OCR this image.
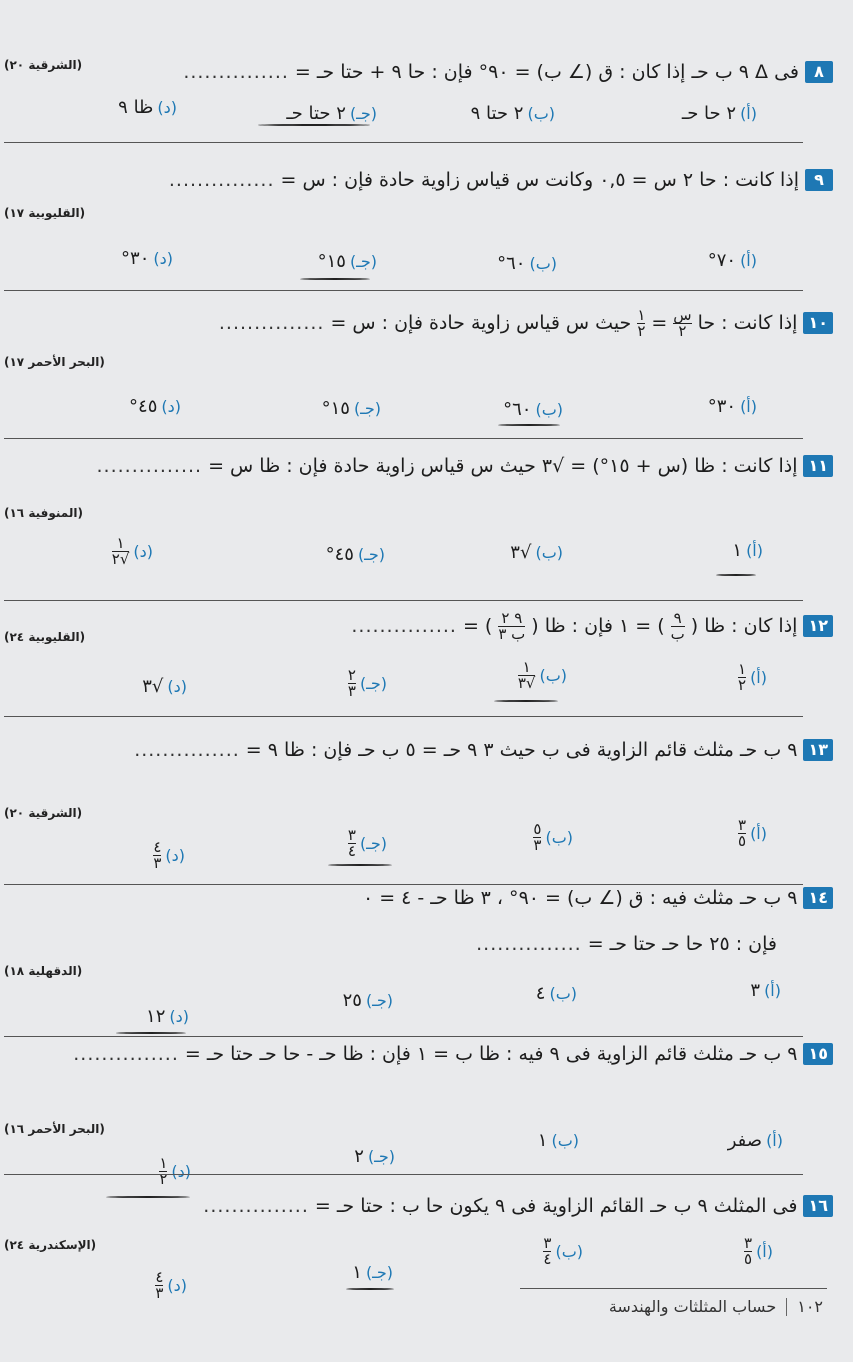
٨
فى Δ ٩ ب حـ إذا كان : ق (∠ ب) = ٩٠° فإن : حا ٩ + حتا حـ =
...............
(الشرقية ٢٠)
(أ)
٢ حا حـ
(ب)
٢ حتا ٩
(جـ)
٢ حتا حـ
(د)
ظا ٩
٩
إذا كانت : حا ٢ س = ٠,٥ وكانت س قياس زاوية حادة فإن : س =
...............
(القليوبية ١٧)
(أ)
٧٠°
(ب)
٦٠°
(جـ)
١٥°
(د)
٣٠°
١٠
إذا كانت : حا
$\frac{\text{س}}{٢}$
=
$\frac{١}{٢}$
حيث س قياس زاوية حادة فإن : س =
...............
(البحر الأحمر ١٧)
(أ)
٣٠°
(ب)
٦٠°
(جـ)
١٥°
(د)
٤٥°
١١
إذا كانت : ظا (س + ١٥°) = √٣ حيث س قياس زاوية حادة فإن : ظا س =
...............
(المنوفية ١٦)
(أ)
١
(ب)
√٣
(جـ)
٤٥°
(د)
$\frac{١}{√٢}$
١٢
إذا كان : ظا (
$\frac{٩}{\text{ب}}$
) = ١ فإن : ظا (
$\frac{٩ ٢}{\text{ب ٣}}$
) =
...............
(القليوبية ٢٤)
(أ)
$\frac{١}{٢}$
(ب)
$\frac{١}{√٣}$
(جـ)
$\frac{٢}{٣}$
(د)
√٣
١٣
٩ ب حـ مثلث قائم الزاوية فى ب حيث ٣ ٩ حـ = ٥ ب حـ فإن : ظا ٩ =
...............
(الشرقية ٢٠)
(أ)
$\frac{٣}{٥}$
(ب)
$\frac{٥}{٣}$
(جـ)
$\frac{٣}{٤}$
(د)
$\frac{٤}{٣}$
١٤
٩ ب حـ مثلث فيه : ق (∠ ب) = ٩٠° ، ٣ ظا حـ - ٤ = ٠
فإن : ٢٥ حا حـ حتا حـ =
...............
(الدقهلية ١٨)
(أ)
٣
(ب)
٤
(جـ)
٢٥
(د)
١٢
١٥
٩ ب حـ مثلث قائم الزاوية فى ٩ فيه : ظا ب = ١ فإن : ظا حـ - حا حـ حتا حـ =
...............
(البحر الأحمر ١٦)
(أ)
صفر
(ب)
١
(جـ)
٢
(د)
$\frac{١}{٢}$
١٦
فى المثلث ٩ ب حـ القائم الزاوية فى ٩ يكون حا ب : حتا حـ =
...............
(الإسكندرية ٢٤)	(أ)
$\frac{٣}{٥}$
(ب)
$\frac{٣}{٤}$
(جـ)
١
(د)
$\frac{٤}{٣}$
١٠٢
حساب المثلثات والهندسة
